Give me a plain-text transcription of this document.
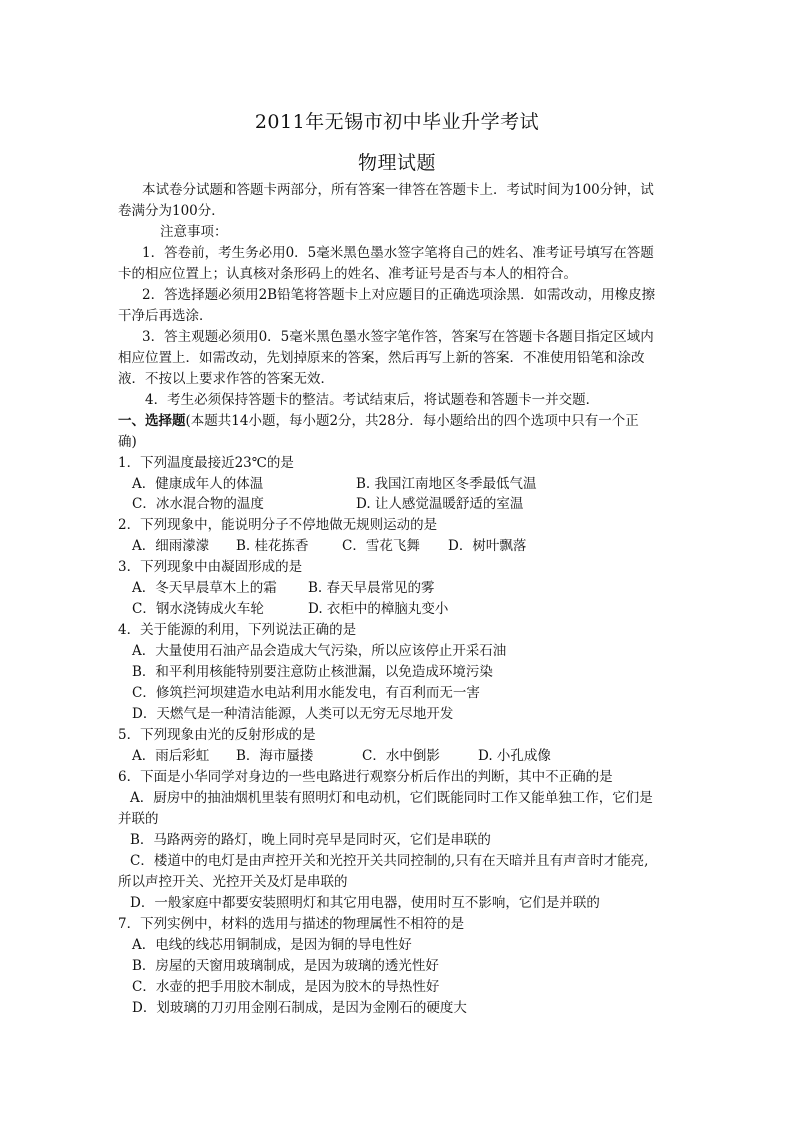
2011年无锡市初中毕业升学考试
物理试题
本试卷分试题和答题卡两部分，所有答案一律答在答题卡上．考试时间为100分钟，试
卷满分为100分．
注意事项：
1．答卷前，考生务必用0．5毫米黑色墨水签字笔将自己的姓名、准考证号填写在答题
卡的相应位置上；认真核对条形码上的姓名、准考证号是否与本人的相符合。
2．答选择题必须用2B铅笔将答题卡上对应题目的正确选项涂黑．如需改动，用橡皮擦
干净后再选涂．
3．答主观题必须用0．5毫米黑色墨水签字笔作答，答案写在答题卡各题目指定区域内
相应位置上．如需改动，先划掉原来的答案，然后再写上新的答案．不准使用铅笔和涂改
液．不按以上要求作答的答案无效．
4．考生必须保持答题卡的整洁。考试结束后，将试题卷和答题卡一并交题．
一、选择题(本题共14小题，每小题2分，共28分．每小题给出的四个选项中只有一个正
确)
1．下列温度最接近23℃的是
A．健康成年人的体温	B. 我国江南地区冬季最低气温
C．冰水混合物的温度	D. 让人感觉温暖舒适的室温
2．下列现象中，能说明分子不停地做无规则运动的是
A．细雨濛濛 B. 桂花拣香 C．雪花飞舞 D．树叶飘落
3．下列现象中由凝固形成的是
A．冬天早晨草木上的霜 B. 春天早晨常见的雾
C．钢水浇铸成火车轮	D. 衣柜中的樟脑丸变小
4．关于能源的利用，下列说法正确的是
A．大量使用石油产品会造成大气污染，所以应该停止开采石油
B．和平利用核能特别要注意防止核泄漏，以免造成环境污染
C．修筑拦河坝建造水电站利用水能发电，有百利而无一害
D．天燃气是一种清洁能源，人类可以无穷无尽地开发
5．下列现象由光的反射形成的是
A．雨后彩虹 B．海市蜃搂	C．水中倒影	D. 小孔成像
6．下面是小华同学对身边的一些电路进行观察分析后作出的判断，其中不正确的是
A．厨房中的抽油烟机里装有照明灯和电动机，它们既能同时工作又能单独工作，它们是
并联的
B．马路两旁的路灯，晚上同时亮早是同时灭，它们是串联的
C．楼道中的电灯是由声控开关和光控开关共同控制的,只有在天暗并且有声音时才能亮,
所以声控开关、光控开关及灯是串联的
D．一般家庭中都要安装照明灯和其它用电器，使用时互不影响，它们是并联的
7．下列实例中，材料的选用与描述的物理属性不相符的是
A．电线的线芯用铜制成，是因为铜的导电性好
B．房屋的天窗用玻璃制成，是因为玻璃的透光性好
C．水壶的把手用胶木制成，是因为胶木的导热性好
D．划玻璃的刀刃用金刚石制成，是因为金刚石的硬度大
